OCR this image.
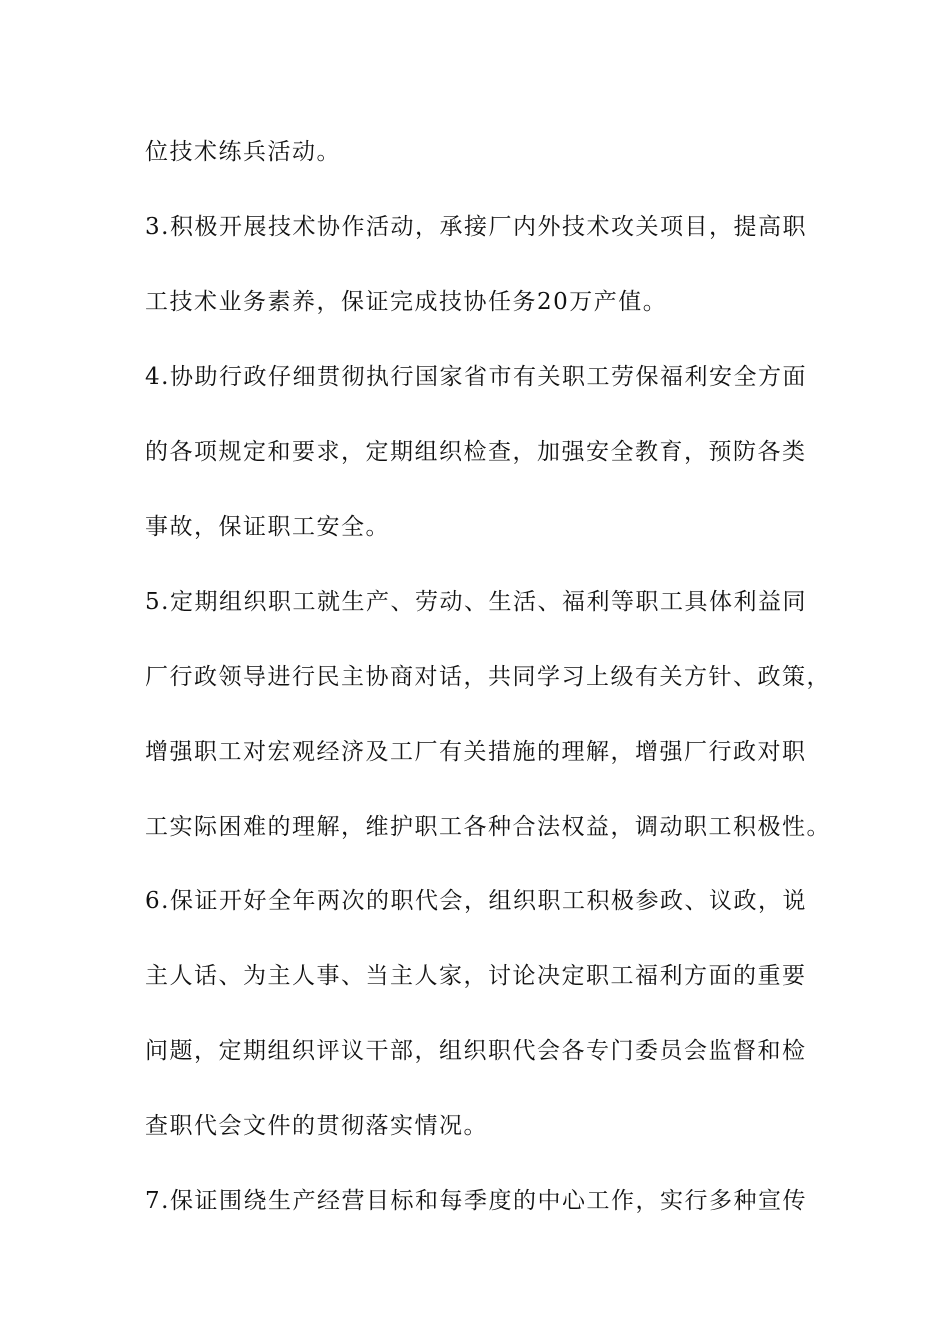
位技术练兵活动。
3.积极开展技术协作活动，承接厂内外技术攻关项目，提高职
工技术业务素养，保证完成技协任务20万产值。
4.协助行政仔细贯彻执行国家省市有关职工劳保福利安全方面
的各项规定和要求，定期组织检查，加强安全教育，预防各类
事故，保证职工安全。
5.定期组织职工就生产、劳动、生活、福利等职工具体利益同
厂行政领导进行民主协商对话，共同学习上级有关方针、政策，
增强职工对宏观经济及工厂有关措施的理解，增强厂行政对职
工实际困难的理解，维护职工各种合法权益，调动职工积极性。
6.保证开好全年两次的职代会，组织职工积极参政、议政，说
主人话、为主人事、当主人家，讨论决定职工福利方面的重要
问题，定期组织评议干部，组织职代会各专门委员会监督和检
查职代会文件的贯彻落实情况。
7.保证围绕生产经营目标和每季度的中心工作，实行多种宣传
